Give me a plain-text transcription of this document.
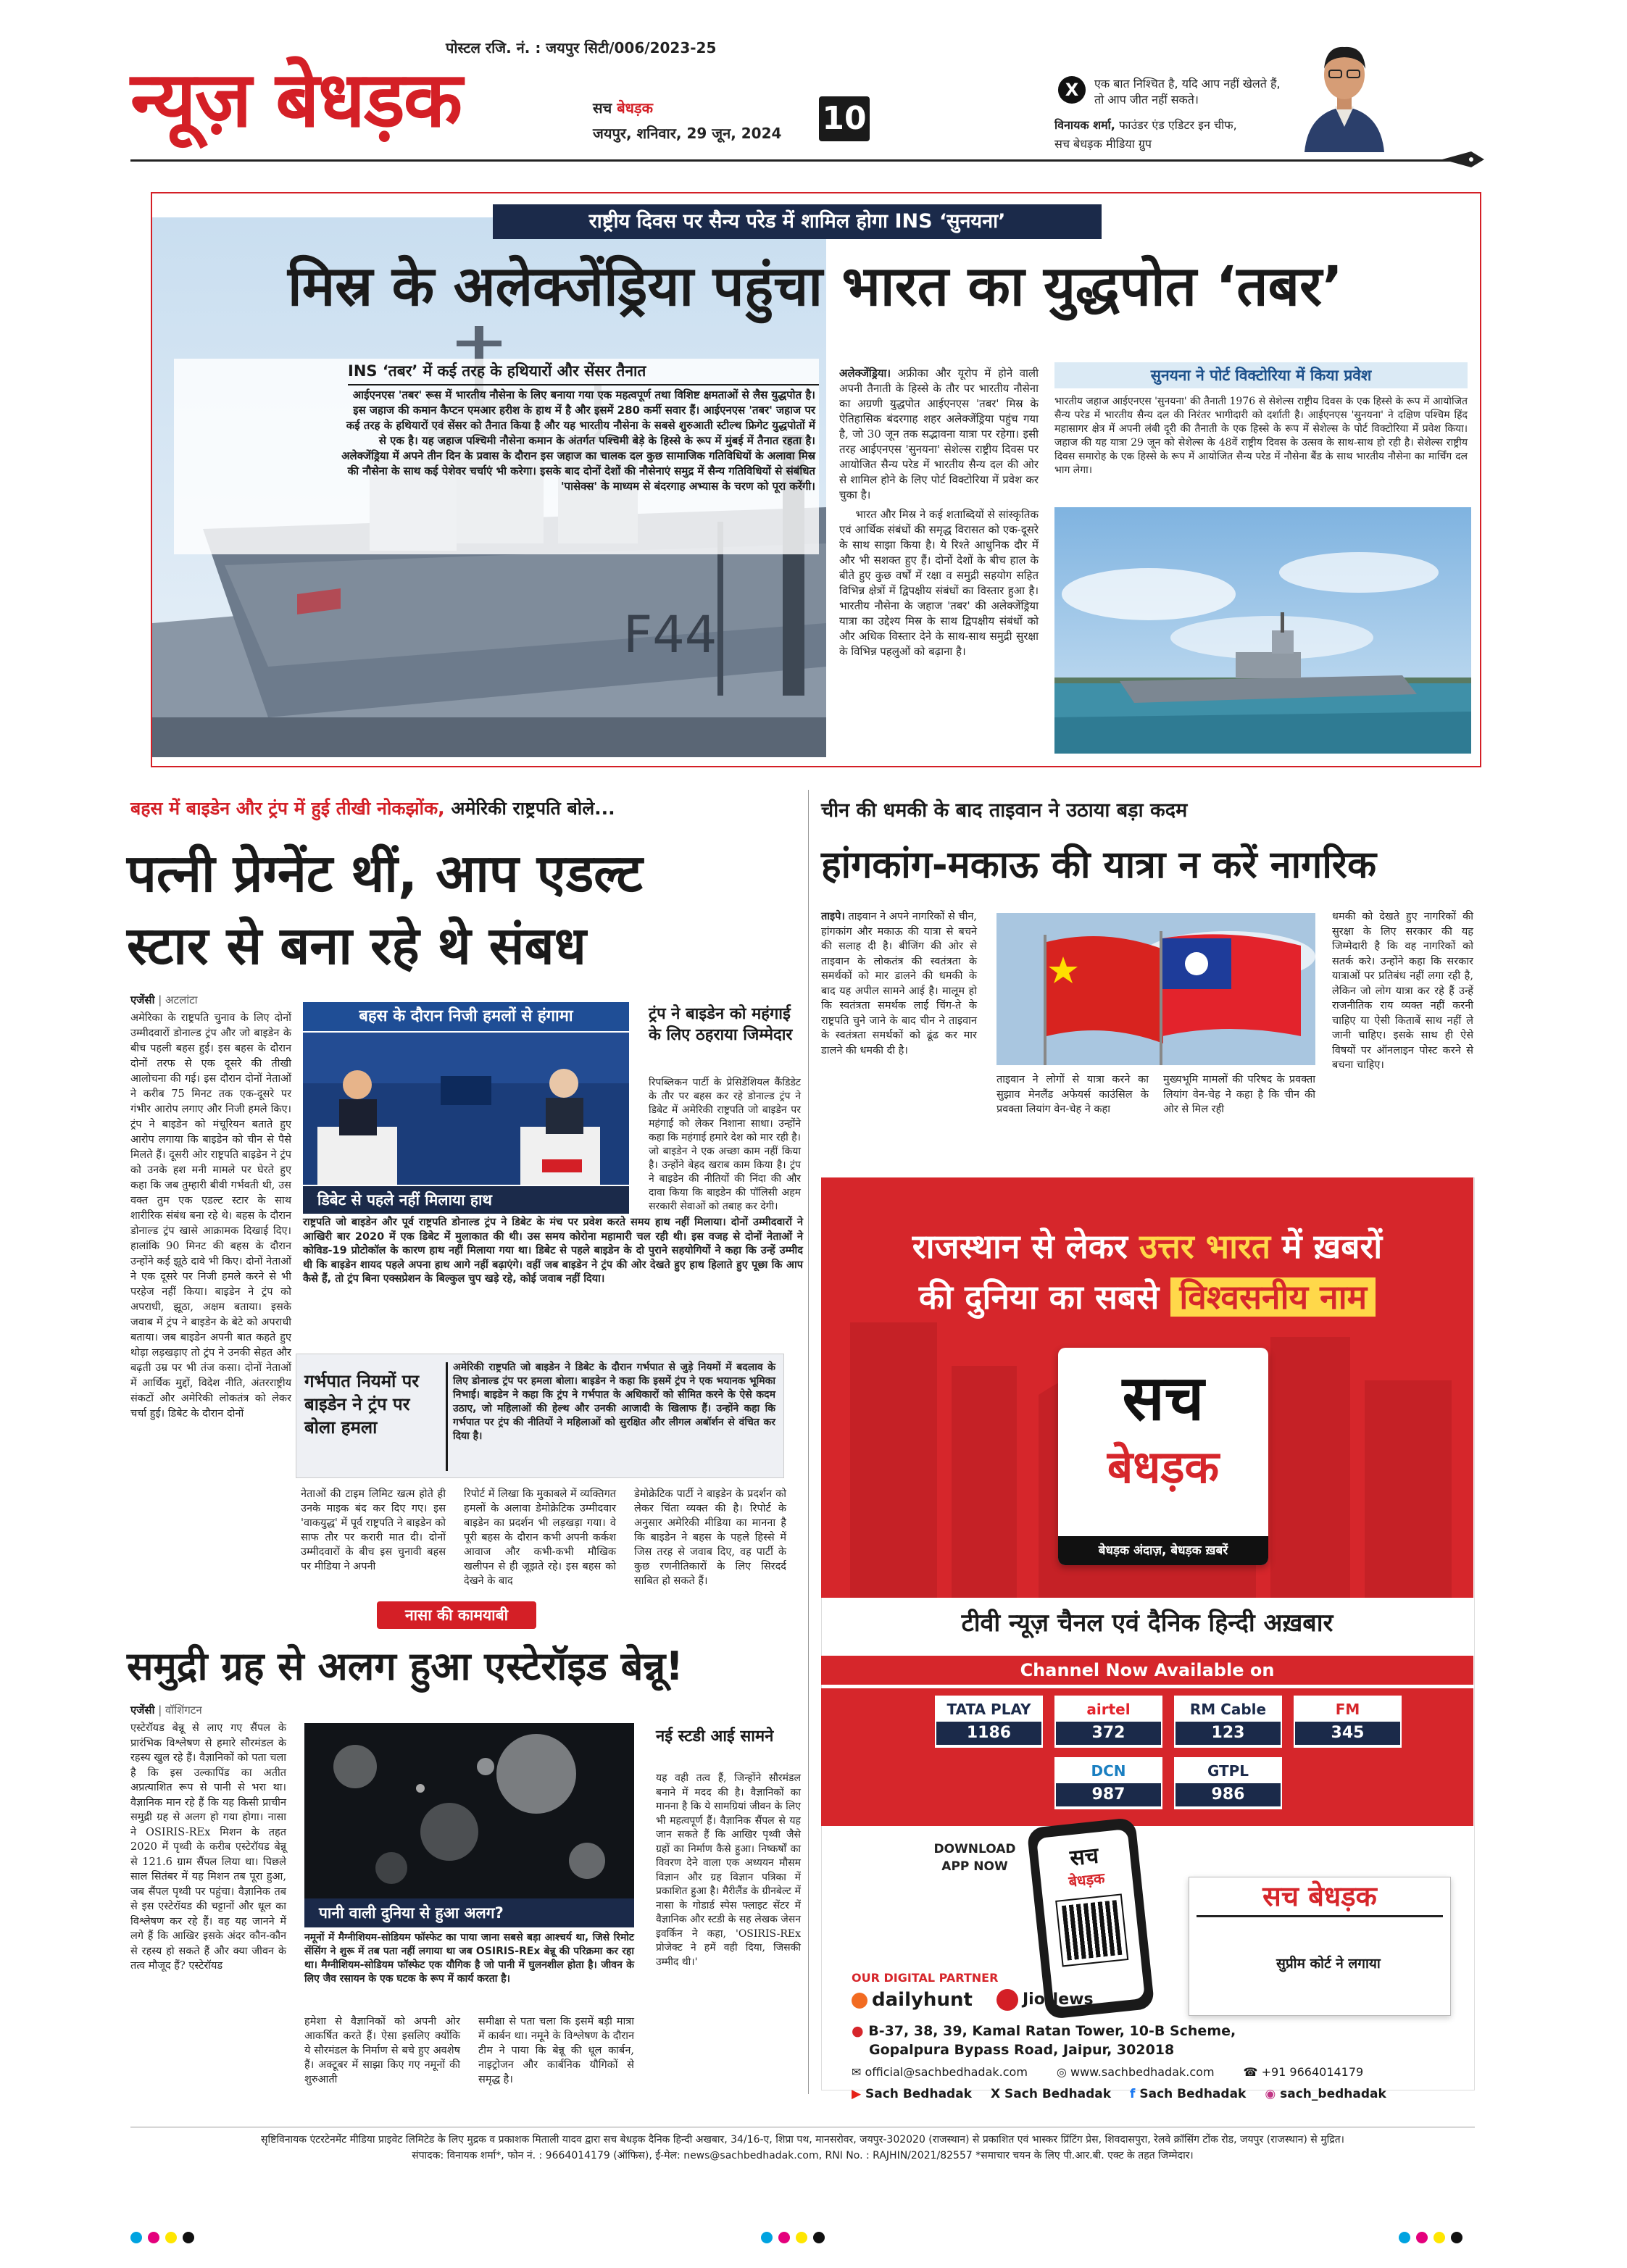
पोस्टल रजि. नं. : जयपुर सिटी/006/2023-25
न्यूज़ बेधड़क	सच बेधड़क
जयपुर, शनिवार, 29 जून, 2024 10
X	एक बात निश्चित है, यदि आप नहीं खेलते हैं,
तो आप जीत नहीं सकते।
विनायक शर्मा, फाउंडर एंड एडिटर इन चीफ,
सच बेधड़क मीडिया ग्रुप
राष्ट्रीय दिवस पर सैन्य परेड में शामिल होगा INS ‘सुनयना’
मिस्र के अलेक्जेंड्रिया पहुंचा भारत का युद्धपोत ‘तबर’
F44
INS ‘तबर’ में कई तरह के हथियारों और सेंसर तैनात
आईएनएस 'तबर' रूस में भारतीय नौसेना के लिए बनाया गया एक महत्वपूर्ण तथा विशिष्ट क्षमताओं से लैस युद्धपोत है। इस जहाज की कमान कैप्टन एमआर हरीश के हाथ में है और इसमें 280 कर्मी सवार हैं। आईएनएस 'तबर' जहाज पर कई तरह के हथियारों एवं सेंसर को तैनात किया है और यह भारतीय नौसेना के सबसे शुरुआती स्टील्थ फ्रिगेट युद्धपोतों में से एक है। यह जहाज पश्चिमी नौसेना कमान के अंतर्गत पश्चिमी बेड़े के हिस्से के रूप में मुंबई में तैनात रहता है। अलेक्जेंड्रिया में अपने तीन दिन के प्रवास के दौरान इस जहाज का चालक दल कुछ सामाजिक गतिविधियों के अलावा मिस्र की नौसेना के साथ कई पेशेवर चर्चाएं भी करेगा। इसके बाद दोनों देशों की नौसेनाएं समुद्र में सैन्य गतिविधियों से संबंधित 'पासेक्स' के माध्यम से बंदरगाह अभ्यास के चरण को पूरा करेंगी।

अलेक्जेंड्रिया। अफ्रीका और यूरोप में होने वाली अपनी तैनाती के हिस्से के तौर पर भारतीय नौसेना का अग्रणी युद्धपोत आईएनएस 'तबर' मिस्र के ऐतिहासिक बंदरगाह शहर अलेक्जेंड्रिया पहुंच गया है, जो 30 जून तक सद्भावना यात्रा पर रहेगा। इसी तरह आईएनएस 'सुनयना' सेशेल्स राष्ट्रीय दिवस पर आयोजित सैन्य परेड में भारतीय सैन्य दल की ओर से शामिल होने के लिए पोर्ट विक्टोरिया में प्रवेश कर चुका है।

भारत और मिस्र ने कई शताब्दियों से सांस्कृतिक एवं आर्थिक संबंधों की समृद्ध विरासत को एक-दूसरे के साथ साझा किया है। ये रिश्ते आधुनिक दौर में और भी सशक्त हुए हैं। दोनों देशों के बीच हाल के बीते हुए कुछ वर्षों में रक्षा व समुद्री सहयोग सहित विभिन्न क्षेत्रों में द्विपक्षीय संबंधों का विस्तार हुआ है। भारतीय नौसेना के जहाज 'तबर' की अलेक्जेंड्रिया यात्रा का उद्देश्य मिस्र के साथ द्विपक्षीय संबंधों को और अधिक विस्तार देने के साथ-साथ समुद्री सुरक्षा के विभिन्न पहलुओं को बढ़ाना है।

सुनयना ने पोर्ट विक्टोरिया में किया प्रवेश
भारतीय जहाज आईएनएस 'सुनयना' की तैनाती 1976 से सेशेल्स राष्ट्रीय दिवस के एक हिस्से के रूप में आयोजित सैन्य परेड में भारतीय सैन्य दल की निरंतर भागीदारी को दर्शाती है। आईएनएस 'सुनयना' ने दक्षिण पश्चिम हिंद महासागर क्षेत्र में अपनी लंबी दूरी की तैनाती के एक हिस्से के रूप में सेशेल्स के पोर्ट विक्टोरिया में प्रवेश किया। जहाज की यह यात्रा 29 जून को सेशेल्स के 48वें राष्ट्रीय दिवस के उत्सव के साथ-साथ हो रही है। सेशेल्स राष्ट्रीय दिवस समारोह के एक हिस्से के रूप में आयोजित सैन्य परेड में नौसेना बैंड के साथ भारतीय नौसेना का मार्चिंग दल भाग लेगा।
बहस में बाइडेन और ट्रंप में हुई तीखी नोकझोंक, अमेरिकी राष्ट्रपति बोले...
पत्नी प्रेग्नेंट थीं, आप एडल्ट
स्टार से बना रहे थे संबध
एजेंसी | अटलांटा
अमेरिका के राष्ट्रपति चुनाव के लिए दोनों उम्मीदवारों डोनाल्ड ट्रंप और जो बाइडेन के बीच पहली बहस हुई। इस बहस के दौरान दोनों तरफ से एक दूसरे की तीखी आलोचना की गई। इस दौरान दोनों नेताओं ने करीब 75 मिनट तक एक-दूसरे पर गंभीर आरोप लगाए और निजी हमले किए। ट्रंप ने बाइडेन को मंचूरियन बताते हुए आरोप लगाया कि बाइडेन को चीन से पैसे मिलते हैं। दूसरी ओर राष्ट्रपति बाइडेन ने ट्रंप को उनके हश मनी मामले पर घेरते हुए कहा कि जब तुम्हारी बीवी गर्भवती थी, उस वक्त तुम एक एडल्ट स्टार के साथ शारीरिक संबंध बना रहे थे। बहस के दौरान डोनाल्ड ट्रंप खासे आक्रामक दिखाई दिए। हालांकि 90 मिनट की बहस के दौरान उन्होंने कई झूठे दावे भी किए। दोनों नेताओं ने एक दूसरे पर निजी हमले करने से भी परहेज नहीं किया। बाइडेन ने ट्रंप को अपराधी, झूठा, अक्षम बताया। इसके जवाब में ट्रंप ने बाइडेन के बेटे को अपराधी बताया। जब बाइडेन अपनी बात कहते हुए थोड़ा लड़खड़ाए तो ट्रंप ने उनकी सेहत और बढ़ती उम्र पर भी तंज कसा। दोनों नेताओं में आर्थिक मुद्दों, विदेश नीति, अंतरराष्ट्रीय संकटों और अमेरिकी लोकतंत्र को लेकर चर्चा हुई। डिबेट के दौरान दोनों
बहस के दौरान निजी हमलों से हंगामा
डिबेट से पहले नहीं मिलाया हाथ
राष्ट्रपति जो बाइडेन और पूर्व राष्ट्रपति डोनाल्ड ट्रंप ने डिबेट के मंच पर प्रवेश करते समय हाथ नहीं मिलाया। दोनों उम्मीदवारों ने आखिरी बार 2020 में एक डिबेट में मुलाकात की थी। उस समय कोरोना महामारी चल रही थी। इस वजह से दोनों नेताओं ने कोविड-19 प्रोटोकॉल के कारण हाथ नहीं मिलाया गया था। डिबेट से पहले बाइडेन के दो पुराने सहयोगियों ने कहा कि उन्हें उम्मीद थी कि बाइडेन शायद पहले अपना हाथ आगे नहीं बढ़ाएंगे। वहीं जब बाइडेन ने ट्रंप की ओर देखते हुए हाथ हिलाते हुए पूछा कि आप कैसे हैं, तो ट्रंप बिना एक्सप्रेशन के बिल्कुल चुप खड़े रहे, कोई जवाब नहीं दिया।
ट्रंप ने बाइडेन को महंगाई के लिए ठहराया जिम्मेदार
रिपब्लिकन पार्टी के प्रेसिडेंशियल कैंडिडेट के तौर पर बहस कर रहे डोनाल्ड ट्रंप ने डिबेट में अमेरिकी राष्ट्रपति जो बाइडेन पर महंगाई को लेकर निशाना साधा। उन्होंने कहा कि महंगाई हमारे देश को मार रही है। जो बाइडेन ने एक अच्छा काम नहीं किया है। उन्होंने बेहद खराब काम किया है। ट्रंप ने बाइडेन की नीतियों की निंदा की और दावा किया कि बाइडेन की पॉलिसी अहम सरकारी सेवाओं को तबाह कर देगी।
गर्भपात नियमों पर बाइडेन ने ट्रंप पर बोला हमला
अमेरिकी राष्ट्रपति जो बाइडेन ने डिबेट के दौरान गर्भपात से जुड़े नियमों में बदलाव के लिए डोनाल्ड ट्रंप पर हमला बोला। बाइडेन ने कहा कि इसमें ट्रंप ने एक भयानक भूमिका निभाई। बाइडेन ने कहा कि ट्रंप ने गर्भपात के अधिकारों को सीमित करने के ऐसे कदम उठाए, जो महिलाओं की हेल्थ और उनकी आजादी के खिलाफ हैं। उन्होंने कहा कि गर्भपात पर ट्रंप की नीतियों ने महिलाओं को सुरक्षित और लीगल अबॉर्शन से वंचित कर दिया है।
नेताओं की टाइम लिमिट खत्म होते ही उनके माइक बंद कर दिए गए। इस 'वाकयुद्ध' में पूर्व राष्ट्रपति ने बाइडेन को साफ तौर पर करारी मात दी। दोनों उम्मीदवारों के बीच इस चुनावी बहस पर मीडिया ने अपनी
रिपोर्ट में लिखा कि मुकाबले में व्यक्तिगत हमलों के अलावा डेमोक्रेटिक उम्मीदवार बाइडेन का प्रदर्शन भी लड़खड़ा गया। वे पूरी बहस के दौरान कभी अपनी कर्कश आवाज और कभी-कभी मौखिक खलीपन से ही जूझते रहे। इस बहस को देखने के बाद
डेमोक्रेटिक पार्टी ने बाइडेन के प्रदर्शन को लेकर चिंता व्यक्त की है। रिपोर्ट के अनुसार अमेरिकी मीडिया का मानना है कि बाइडेन ने बहस के पहले हिस्से में जिस तरह से जवाब दिए, वह पार्टी के कुछ रणनीतिकारों के लिए सिरदर्द साबित हो सकते हैं।
नासा की कामयाबी
समुद्री ग्रह से अलग हुआ एस्टेरॉइड बेन्नू!
एजेंसी | वॉशिंगटन
एस्टेरॉयड बेन्नू से लाए गए सैंपल के प्रारंभिक विश्लेषण से हमारे सौरमंडल के रहस्य खुल रहे हैं। वैज्ञानिकों को पता चला है कि इस उल्कापिंड का अतीत अप्रत्याशित रूप से पानी से भरा था। वैज्ञानिक मान रहे हैं कि यह किसी प्राचीन समुद्री ग्रह से अलग हो गया होगा। नासा ने OSIRIS-REx मिशन के तहत 2020 में पृथ्वी के करीब एस्टेरॉयड बेन्नू से 121.6 ग्राम सैंपल लिया था। पिछले साल सितंबर में यह मिशन तब पूरा हुआ, जब सैंपल पृथ्वी पर पहुंचा। वैज्ञानिक तब से इस एस्टेरॉयड की चट्टानों और धूल का विश्लेषण कर रहे हैं। वह यह जानने में लगे हैं कि आखिर इसके अंदर कौन-कौन से रहस्य हो सकते हैं और क्या जीवन के तत्व मौजूद हैं? एस्टेरॉयड
पानी वाली दुनिया से हुआ अलग?
नमूनों में मैग्नीशियम-सोडियम फॉस्फेट का पाया जाना सबसे बड़ा आश्चर्य था, जिसे रिमोट सेंसिंग ने शुरू में तब पता नहीं लगाया था जब OSIRIS-REx बेन्नू की परिक्रमा कर रहा था। मैग्नीशियम-सोडियम फॉस्फेट एक यौगिक है जो पानी में घुलनशील होता है। जीवन के लिए जैव रसायन के एक घटक के रूप में कार्य करता है।
हमेशा से वैज्ञानिकों को अपनी ओर आकर्षित करते हैं। ऐसा इसलिए क्योंकि ये सौरमंडल के निर्माण से बचे हुए अवशेष हैं। अक्टूबर में साझा किए गए नमूनों की शुरुआती
समीक्षा से पता चला कि इसमें बड़ी मात्रा में कार्बन था। नमूने के विश्लेषण के दौरान टीम ने पाया कि बेन्नू की धूल कार्बन, नाइट्रोजन और कार्बनिक यौगिकों से समृद्ध है।
नई स्टडी आई सामने
यह वही तत्व हैं, जिन्होंने सौरमंडल बनाने में मदद की है। वैज्ञानिकों का मानना है कि ये सामग्रियां जीवन के लिए भी महत्वपूर्ण हैं। वैज्ञानिक सैंपल से यह जान सकते हैं कि आखिर पृथ्वी जैसे ग्रहों का निर्माण कैसे हुआ। निष्कर्षों का विवरण देने वाला एक अध्ययन मौसम विज्ञान और ग्रह विज्ञान पत्रिका में प्रकाशित हुआ है। मैरीलैंड के ग्रीनबेल्ट में नासा के गोडार्ड स्पेस फ्लाइट सेंटर में वैज्ञानिक और स्टडी के सह लेखक जेसन इवर्किन ने कहा, 'OSIRIS-REx प्रोजेक्ट ने हमें वही दिया, जिसकी उम्मीद थी।'
चीन की धमकी के बाद ताइवान ने उठाया बड़ा कदम
हांगकांग-मकाऊ की यात्रा न करें नागरिक
ताइपे। ताइवान ने अपने नागरिकों से चीन, हांगकांग और मकाऊ की यात्रा से बचने की सलाह दी है। बीजिंग की ओर से ताइवान के लोकतंत्र की स्वतंत्रता के समर्थकों को मार डालने की धमकी के बाद यह अपील सामने आई है। मालूम हो कि स्वतंत्रता समर्थक लाई चिंग-ते के राष्ट्रपति चुने जाने के बाद चीन ने ताइवान के स्वतंत्रता समर्थकों को ढूंढ कर मार डालने की धमकी दी है।
ताइवान ने लोगों से यात्रा करने का सुझाव मेनलैंड अफेयर्स काउंसिल के प्रवक्ता लियांग वेन-चेह ने कहा
मुख्यभूमि मामलों की परिषद के प्रवक्ता लियांग वेन-चेह ने कहा है कि चीन की ओर से मिल रही
धमकी को देखते हुए नागरिकों की सुरक्षा के लिए सरकार की यह जिम्मेदारी है कि वह नागरिकों को सतर्क करे। उन्होंने कहा कि सरकार यात्राओं पर प्रतिबंध नहीं लगा रही है, लेकिन जो लोग यात्रा कर रहे हैं उन्हें राजनीतिक राय व्यक्त नहीं करनी चाहिए या ऐसी किताबें साथ नहीं ले जानी चाहिए। इसके साथ ही ऐसे विषयों पर ऑनलाइन पोस्ट करने से बचना चाहिए।
राजस्थान से लेकर उत्तर भारत में ख़बरों
की दुनिया का सबसे विश्वसनीय नाम
सच
बेधड़क
बेधड़क अंदाज़, बेधड़क ख़बरें
टीवी न्यूज़ चैनल एवं दैनिक हिन्दी अख़बार
Channel Now Available on
TATA PLAY
1186
airtel
372
RM Cable
123
FM
345
DCN
987
GTPL
986
DOWNLOAD
APP NOW	सच
बेधड़क
सच बेधड़क
सुप्रीम कोर्ट ने लगाया
OUR DIGITAL PARTNER
dailyhunt	JioNews
● B-37, 38, 39, Kamal Ratan Tower, 10-B Scheme,
Gopalpura Bypass Road, Jaipur, 302018
✉ official@sachbedhadak.com	◎ www.sachbedhadak.com	☎ +91 9664014179
▶ Sach Bedhadak X Sach Bedhadak f Sach Bedhadak ◉ sach_bedhadak
सृष्टिविनायक एंटरटेनमेंट मीडिया प्राइवेट लिमिटेड के लिए मुद्रक व प्रकाशक मिताली यादव द्वारा सच बेधड़क दैनिक हिन्दी अखबार, 34/16-ए, शिप्रा पथ, मानसरोवर, जयपुर-302020 (राजस्थान) से प्रकाशित एवं भास्कर प्रिंटिंग प्रेस, शिवदासपुरा, रेलवे क्रॉसिंग टोंक रोड, जयपुर (राजस्थान) से मुद्रित।
संपादक: विनायक शर्मा*, फोन नं. : 9664014179 (ऑफिस), ई-मेल: news@sachbedhadak.com, RNI No. : RAJHIN/2021/82557 *समाचार चयन के लिए पी.आर.बी. एक्ट के तहत जिम्मेदार।
